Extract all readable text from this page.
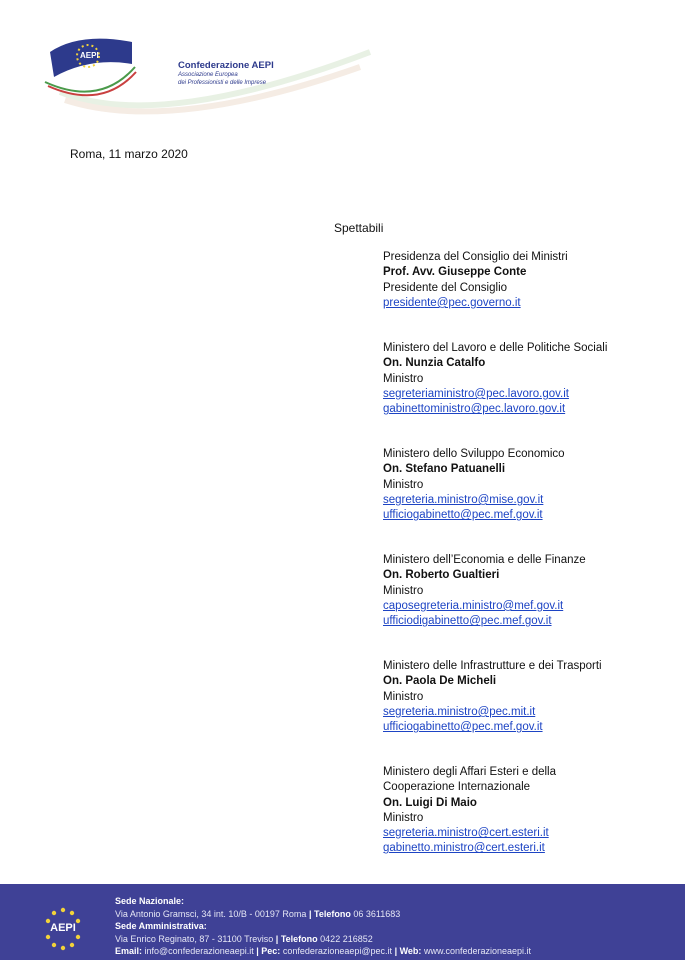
AEPI
Confederazione AEPI
Associazione Europea
dei Professionisti e delle Imprese
Roma, 11 marzo 2020
Spettabili
Presidenza del Consiglio dei Ministri
Prof. Avv. Giuseppe Conte
Presidente del Consiglio
presidente@pec.governo.it
Ministero del Lavoro e delle Politiche Sociali
On. Nunzia Catalfo
Ministro
segreteriaministro@pec.lavoro.gov.it
gabinettoministro@pec.lavoro.gov.it
Ministero dello Sviluppo Economico
On. Stefano Patuanelli
Ministro
segreteria.ministro@mise.gov.it
ufficiogabinetto@pec.mef.gov.it
Ministero dell’Economia e delle Finanze
On. Roberto Gualtieri
Ministro
caposegreteria.ministro@mef.gov.it
ufficiodigabinetto@pec.mef.gov.it
Ministero delle Infrastrutture e dei Trasporti
On. Paola De Micheli
Ministro
segreteria.ministro@pec.mit.it
ufficiogabinetto@pec.mef.gov.it
Ministero degli Affari Esteri e della
Cooperazione Internazionale
On. Luigi Di Maio
Ministro
segreteria.ministro@cert.esteri.it
gabinetto.ministro@cert.esteri.it
AEPI
Sede Nazionale:
Via Antonio Gramsci, 34 int. 10/B - 00197 Roma | Telefono 06 3611683
Sede Amministrativa:
Via Enrico Reginato, 87 - 31100 Treviso | Telefono 0422 216852
Email: info@confederazioneaepi.it | Pec: confederazioneaepi@pec.it | Web: www.confederazioneaepi.it
